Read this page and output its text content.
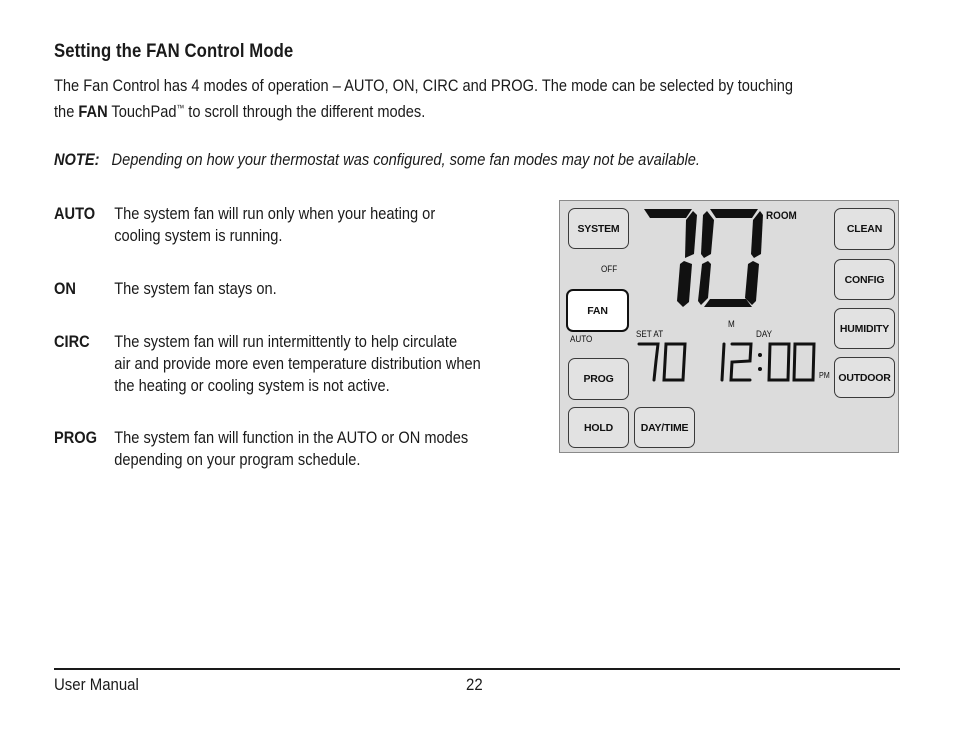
Setting the FAN Control Mode
The Fan Control has 4 modes of operation – AUTO, ON, CIRC and PROG. The mode can be selected by touching
the FAN TouchPad™ to scroll through the different modes.
NOTE: Depending on how your thermostat was configured, some fan modes may not be available.
AUTO The system fan will run only when your heating or
cooling system is running.
ON The system fan stays on.
CIRC The system fan will run intermittently to help circulate
air and provide more even temperature distribution when
the heating or cooling system is not active.
PROG The system fan will function in the AUTO or ON modes
depending on your program schedule.
SYSTEM
OFF
FAN
AUTO
PROG
HOLD	DAY/TIME
CLEAN
CONFIG
HUMIDITY
OUTDOOR
ROOM
M
SET AT	DAY
PM
User Manual	22
